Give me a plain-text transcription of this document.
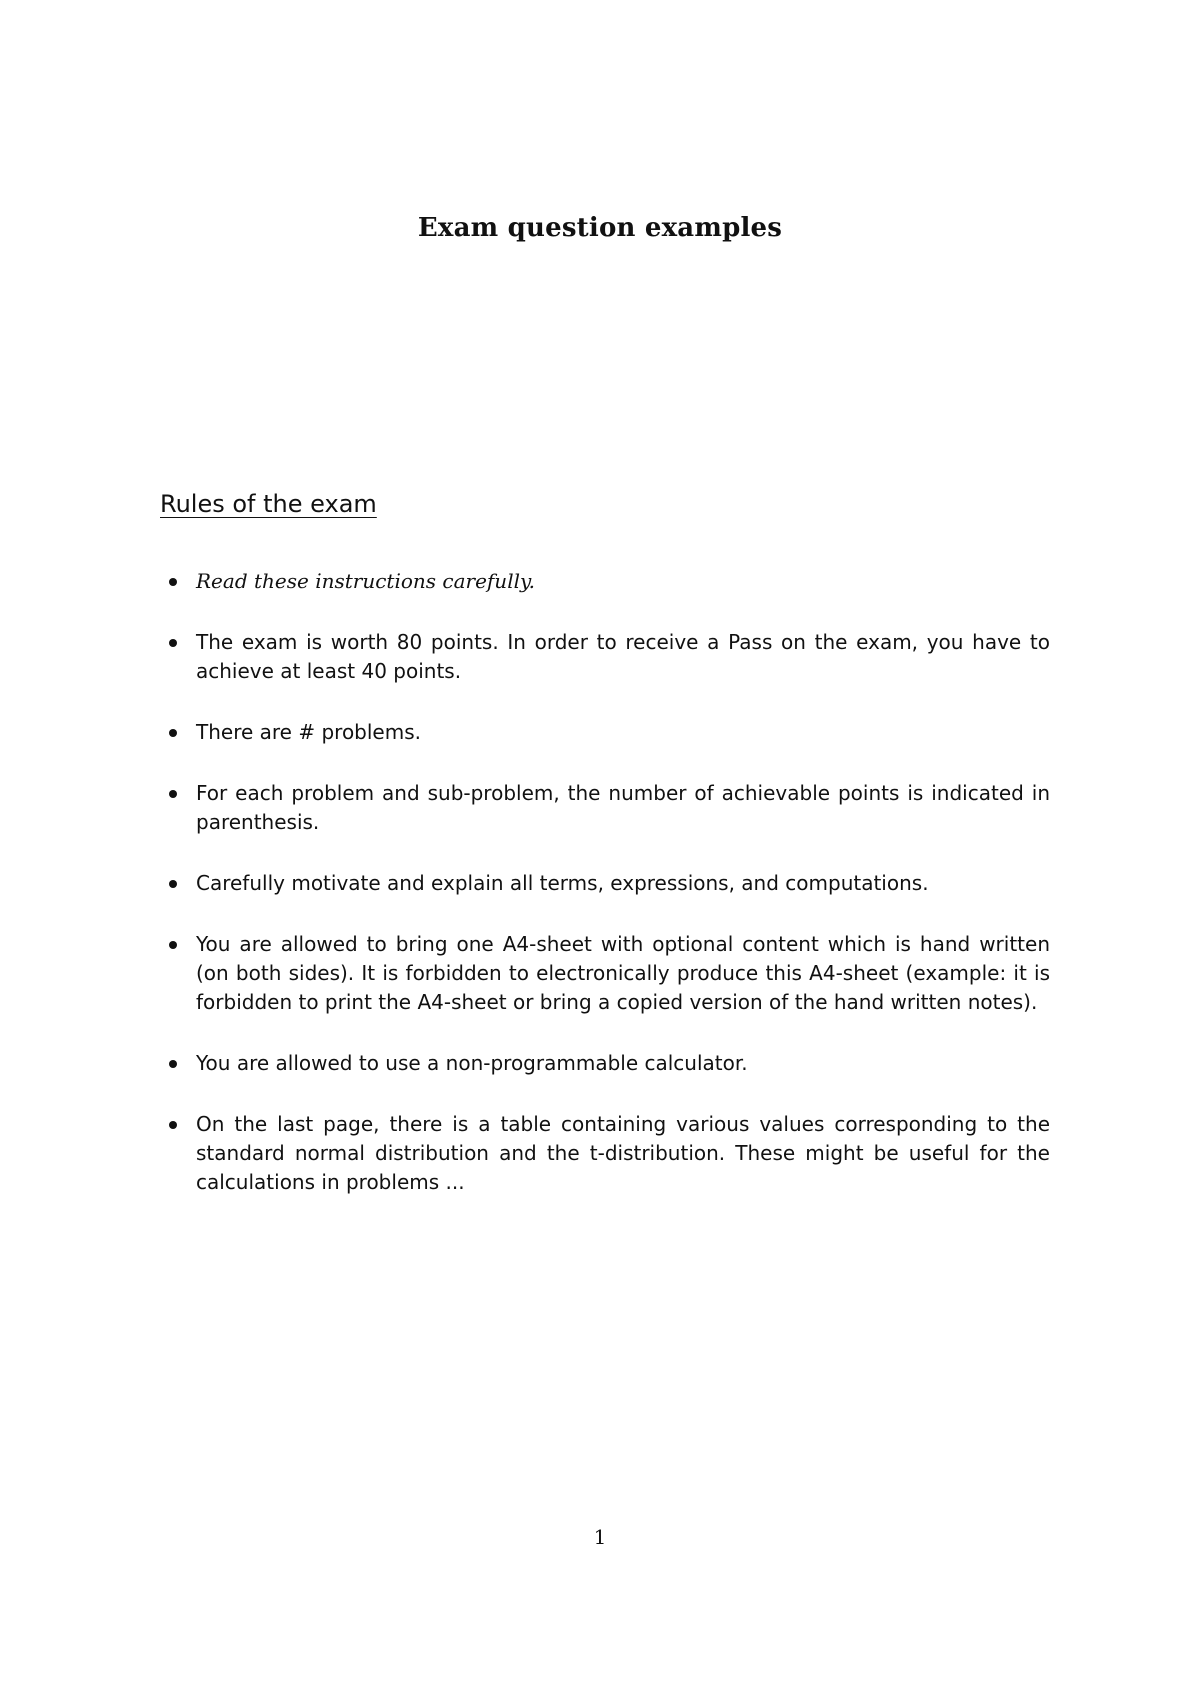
Exam question examples
Rules of the exam
Read these instructions carefully.
The exam is worth 80 points. In order to receive a Pass on the exam, you have to achieve at least 40 points.
There are # problems.
For each problem and sub-problem, the number of achievable points is indicated in parenthesis.
Carefully motivate and explain all terms, expressions, and computations.
You are allowed to bring one A4-sheet with optional content which is hand written (on both sides). It is forbidden to electronically produce this A4-sheet (example: it is forbidden to print the A4-sheet or bring a copied version of the hand written notes).
You are allowed to use a non-programmable calculator.
On the last page, there is a table containing various values corresponding to the standard normal distribution and the t-distribution. These might be useful for the calculations in problems ...
1
